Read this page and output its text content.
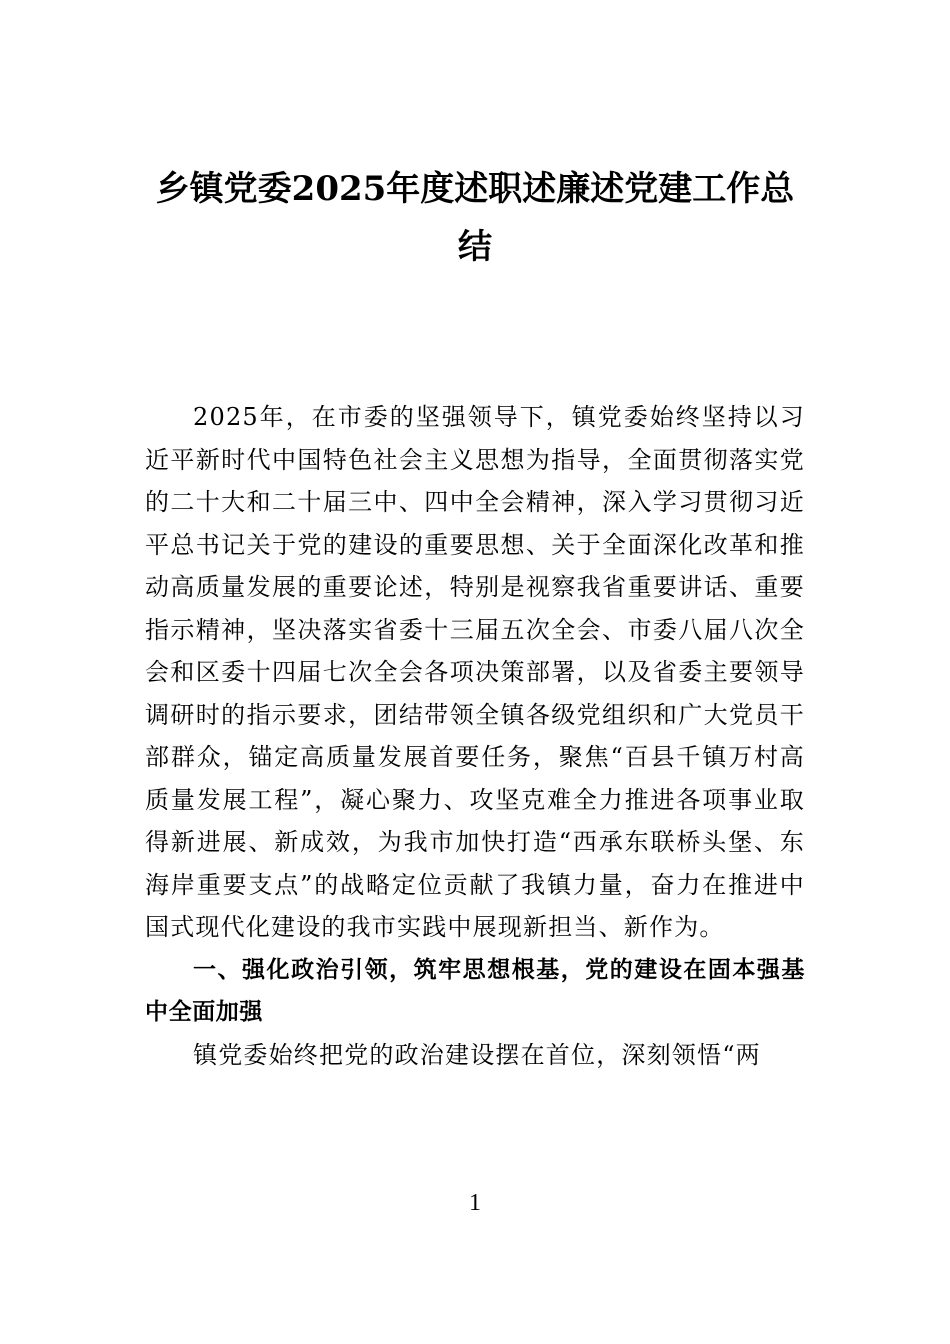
乡镇党委2025年度述职述廉述党建工作总结

2025年，在市委的坚强领导下，镇党委始终坚持以习近平新时代中国特色社会主义思想为指导，全面贯彻落实党的二十大和二十届三中、四中全会精神，深入学习贯彻习近平总书记关于党的建设的重要思想、关于全面深化改革和推动高质量发展的重要论述，特别是视察我省重要讲话、重要指示精神，坚决落实省委十三届五次全会、市委八届八次全会和区委十四届七次全会各项决策部署，以及省委主要领导调研时的指示要求，团结带领全镇各级党组织和广大党员干部群众，锚定高质量发展首要任务，聚焦“百县千镇万村高质量发展工程”，凝心聚力、攻坚克难全力推进各项事业取得新进展、新成效，为我市加快打造“西承东联桥头堡、东海岸重要支点”的战略定位贡献了我镇力量，奋力在推进中国式现代化建设的我市实践中展现新担当、新作为。

一、强化政治引领，筑牢思想根基，党的建设在固本强基中全面加强

镇党委始终把党的政治建设摆在首位，深刻领悟“两

1
